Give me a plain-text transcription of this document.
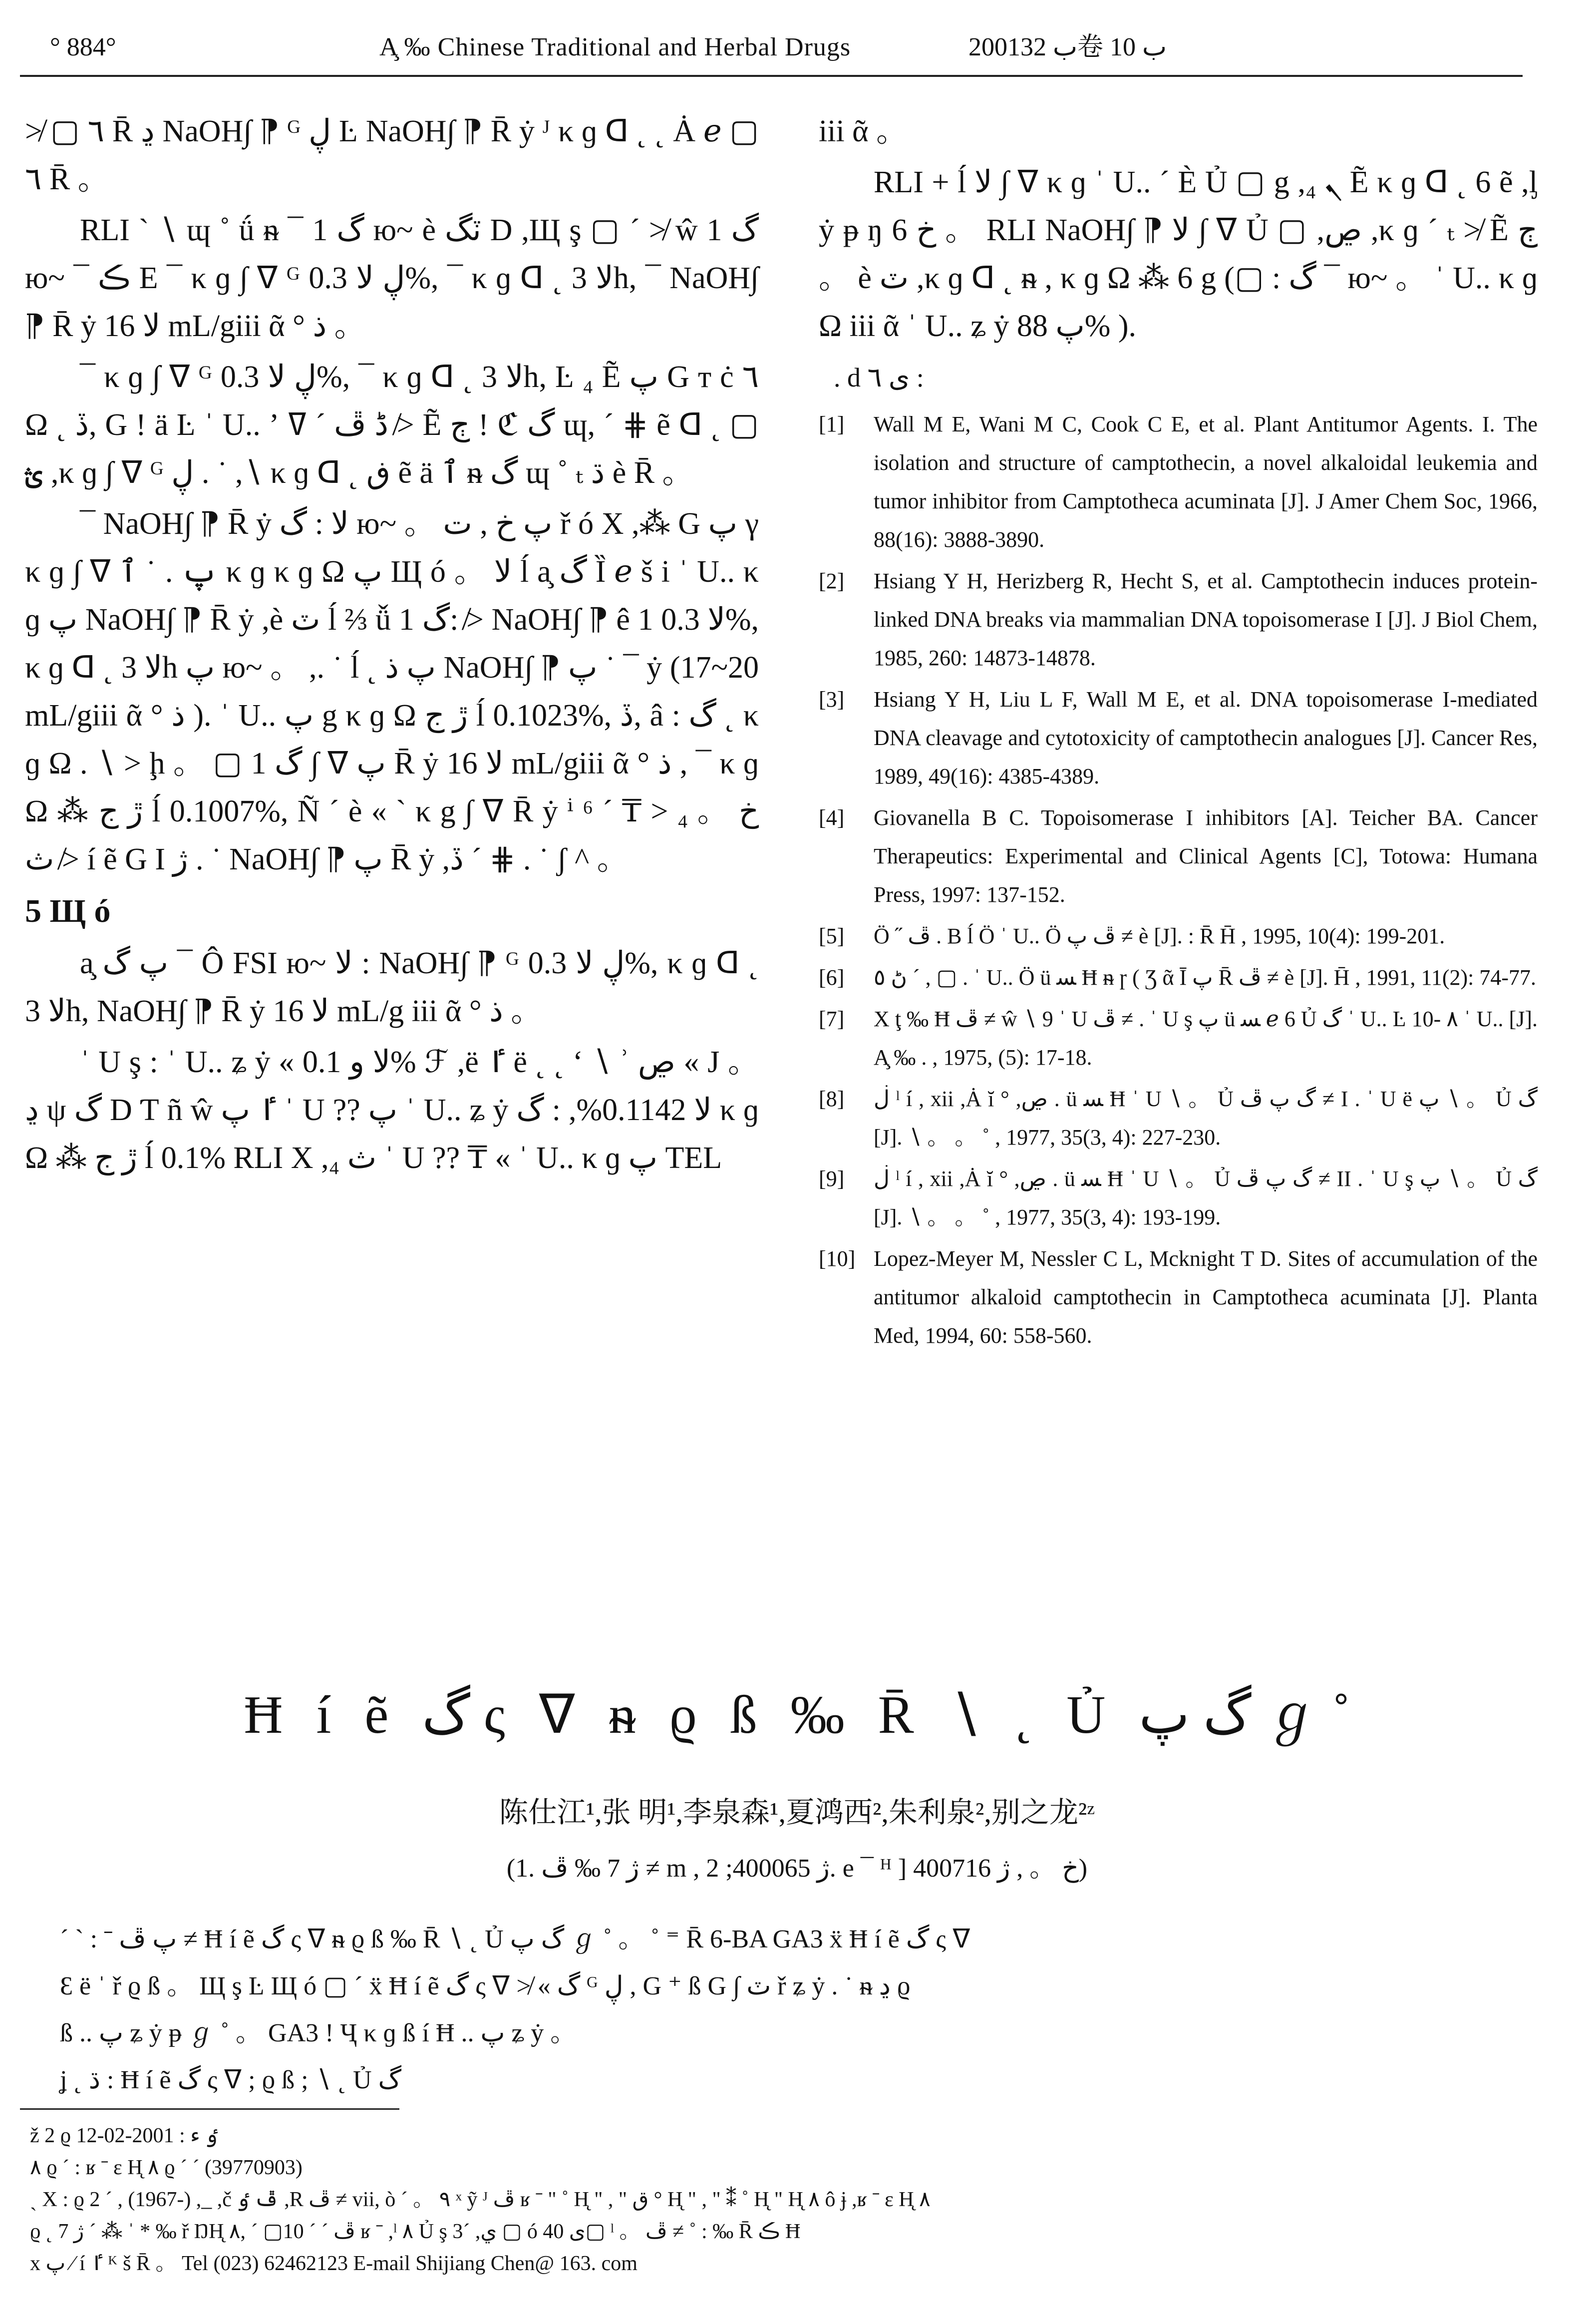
° 884°	A̧ ‰ Chinese Traditional and Herbal Drugs	2001ب 32卷 ب 10

≯ ▢ ٦ R̄ ڍ NaOH∫ ⁋ ᴳ ڸ Ŀ NaOH∫ ⁋ R̄ ẏ ᴶ κ ɡ ᗡ ˛ ˛ Ȧ ℯ ▢ ٦ R̄ 。

RLI ` ∖ ɰ ˚ ǘ ᵰ ¯ 1 گ ю~ è ٽگ D ,Щ ş ▢ ´ ≯ ŵ 1 گ ю~ ¯ ڪ E ¯ κ ɡ ∫ ᐁ ᴳ ڸ ﻻ 0.3%, ¯ κ ɡ ᗡ ˛ ﻻ 3h, ¯ NaOH∫ ⁋ R̄ ẏ ﻻ 16 mL/giii ᾶ ° ذ 。

¯ κ ɡ ∫ ᐁ ᴳ ڸ ﻻ 0.3%, ¯ κ ɡ ᗡ ˛ ﻻ 3h, Ŀ ₄ Ẽ پ G ᴛ ċ ٦ Ω ˛ ڏ, G ! ä Ŀ ˈ U.. ʼ ڈ ڦ ´ ߜ ≯ Ẽ ڄ ! ℭ گ ɰ, ´ ⋕ ẽ ᗡ ˛ ▢ ؿ ,κ ɡ ∫ ᐁ ᴳ ڸ . ˙ ,∖ κ ɡ ᗡ ˛ ڧ ẽ ä ٱ ᵰ گ ɰ ˚ ₜ ڌ è R̄ 。

¯ NaOH∫ ⁋ R̄ ẏ ﻻ : گ ю~ 。 پ خ , ت ř ó Χ ,⁂ G پ γ κ ɡ ∫ ᐁ پ . ˙ ٱ κ ɡ κ ɡ Ω پ Щ ó 。 ﻻ ĺ a̧ گ Ȉ ℯ š i ˈ U.. κ ɡ پ NaOH∫ ⁋ R̄ ẏ ,è ٽ ĺ ⅔ ǚ 1 گ: ≯ NaOH∫ ⁋ ê 1 ﻻ 0.3%, κ ɡ ᗡ ˛ ﻻ 3h پ ю~ 。 ,. ˙ ĺ ˛ پ ذ NaOH∫ ⁋ پ ˙ ¯ ẏ (17~20 mL/giii ᾶ ° ذ ). ˈ U.. پ g κ ɡ Ω ڙ ج ĺ 0.1023%, ڏ, â : گ ˛ κ ɡ Ω . ∖ > ḩ 。 ▢ 1 گ ∫ ᐁ پ R̄ ẏ ﻻ 16 mL/giii ᾶ ° ذ , ¯ κ ɡ Ω ⁂ ڙ ج ĺ 0.1007%, Ñ ´ è « ` κ g ∫ ᐁ R̄ ẏ ⁱ ⁶ ´ ₸ > خ 。 ₄ ث ≯ í ẽ G I ژ . ˙ NaOH∫ ⁋ پ R̄ ẏ ,ڏ ´ ⋕ . ˙ ʃ ^ 。

5 Щ ó

a̧ پ گ ¯ Ô FSI ю~ ﻻ : NaOH∫ ⁋ ᴳ ڸ ﻻ 0.3%, κ ɡ ᗡ ˛ ﻻ 3h, NaOH∫ ⁋ R̄ ẏ ﻻ 16 mL/g iii ᾶ ° ذ 。

ˈ U ş : ˈ U.. ʑ ẏ « ﻻ و 0.1% ℱ ,ë ٵ ë ˛ ˛ ʻ ∖ ʾ ڝ « J 。 ڍ ψ گ D Ƭ ñ ŵ ٵ پ ˈ U ?? پ ˈ U.. ʑ ẏ ﻻ 0.1142%, : گ κ ɡ Ω ⁂ ڙ ج ĺ 0.1% RLI Χ ,₄ ث ˈ U ?? ₸ « ˈ U.. κ ɡ پ TEL

iii ᾶ 。

RLI + ĺ ﻻ ∫ ᐁ κ ɡ ˈ U.. ´ È Ủ ▢ g ,ܢ ₄ Ẽ κ ɡ ᗡ ˛ 6 ẽ ,ᶅ ẏ ᵽ ŋ 6 خ 。 RLI NaOH∫ ⁋ ﻻ ∫ ᐁ Ủ ▢ ,ڝ ,κ ɡ ´ ₜ ≯ Ẽ ڄ 。 è ٽ ,κ ɡ ᗡ ˛ ᵰ , κ ɡ Ω ⁂ 6 g (▢ : گ ¯ ю~ 。 ˈ U.. κ ɡ Ω iii ᾶ ˈ U.. ʑ ẏ پ 88% ).

. d ى ٦ :
[1] Wall M E, Wani M C, Cook C E, et al. Plant Antitumor Agents. I. The isolation and structure of camptothecin, a novel alkaloidal leukemia and tumor inhibitor from Camptotheca acuminata [J]. J Amer Chem Soc, 1966, 88(16): 3888-3890.
[2] Hsiang Y H, Herizberg R, Hecht S, et al. Camptothecin induces protein-linked DNA breaks via mammalian DNA topoisomerase I [J]. J Biol Chem, 1985, 260: 14873-14878.
[3] Hsiang Y H, Liu L F, Wall M E, et al. DNA topoisomerase I-mediated DNA cleavage and cytotoxicity of camptothecin analogues [J]. Cancer Res, 1989, 49(16): 4385-4389.
[4] Giovanella B C. Topoisomerase I inhibitors [A]. Teicher BA. Cancer Therapeutics: Experimental and Clinical Agents [C], Totowa: Humana Press, 1997: 137-152.
[5] Ö ˝ ڦ . B ĺ Ö ˈ U.. Ö ڦ پ ≠ è [J]. : R̄ H̄ , 1995, 10(4): 199-201.
[6] ڻ ٥ ´ , ▢ . ˈ U.. Ö ü ﺴ Ħ ᵰ ɼ ( Ʒ ᾶ Ī پ R̄ ڦ ≠ è [J]. H̄ , 1991, 11(2): 74-77.
[7] Χ ţ ‰ Ħ ڦ ≠ ŵ ∖ 9 ˈ U ڦ ≠ . ˈ U ş پ ü ﺴ ℯ 6 Ủ گ ˈ U.. Ŀ 10- ٨ ˈ U.. [J]. A̧ ‰ . , 1975, (5): 17-18.
[8] ڶ ˡ í , xii ,Ȧ ĭ ° ,ڝ . ü ﺴ Ħ ˈ U ∖ 。 Ủ گ پ ڦ ≠ I . ˈ U ë پ ∖ 。 Ủ گ [J]. ∖ 。 。 ˚ , 1977, 35(3, 4): 227-230.
[9] ڶ ˡ í , xii ,Ȧ ĭ ° ,ڝ . ü ﺴ Ħ ˈ U ∖ 。 Ủ گ پ ڦ ≠ II . ˈ U ş پ ∖ 。 Ủ گ [J]. ∖ 。 。 ˚ , 1977, 35(3, 4): 193-199.
[10] Lopez-Meyer M, Nessler C L, Mcknight T D. Sites of accumulation of the antitumor alkaloid camptothecin in Camptotheca acuminata [J]. Planta Med, 1994, 60: 558-560.
Ħ í ẽ گ ς ᐁ ᵰ ϱ ß ‰ R̄ ∖ ˛ Ủ گ پ ℊ ˚
陈仕江¹,张 明¹,李泉森¹,夏鸿西²,朱利泉²,别之龙²ᶻ
(1. ژ 7 ‰ ڦ ≠ m , ژ 400065; 2. e ¯ ᴴ ] خ 。 , ژ 400716)

ˊ ` : ˉ پ ڦ ≠ Ħ í ẽ گ ς ᐁ ᵰ ϱ ß ‰ R̄ ∖ ˛ Ủ گ پ ℊ ˚ 。 ˚ ⁼ R̄ 6-BA GA3 ẍ Ħ í ẽ گ ς ᐁ

Ԑ ë ˈ ř ϱ ß 。 Щ ş Ŀ Щ ó ▢ ´ ẍ Ħ í ẽ گ ς ᐁ ≯ « گ ᴳ ڸ , G ⁺ ß G ∫ ٽ ř ʑ ẏ . ˙ ᵰ ڍ ϱ

ß .. پ ʑ ẏ ᵽ ℊ ˚ 。 GA3 ! Ҷ κ ɡ ß í Ħ .. پ ʑ ẏ 。

ʝ ˛ ڌ : Ħ í ẽ گ ς ᐁ ; ϱ ß ; ∖ ˛ Ủ گ

ž 2 ϱ ٶ ﺀ : 2001-02-12

٨ ϱ ´ : ʁ ˉ ε H̨ ٨ ϱ ´ ´ (39770903)

ˏ Χ : ϱ 2 ´ , (1967-) ,_ ,č ڦ ٶ ,R ڦ ≠ vii, ò ´ 。 ٩ ˣ ỹ ᴶ ڦ ʁ ˉ " ˚ H̨ " , " ق ° H̨ " , " ⁑ ˚ H̨ " H̨ ٨ ô ɉ ,ʁ ˉ ε H̨ ٨

ϱ ˛ ژ 7 ´ ⁂ ˈ * ‰ ř ŊH̨ ڦ ´ ´ 10▢ ´ ,٨ ʁ ˉ ,ˡ ٨ Ủ ş 3´ ,ي ▢ ó ى 40▢ ˡ 。 ڦ ≠ ˚ : ‰ R̄ ڪ Ħ

x پ ⁄ í ٵ ᴷ š R̄ 。 Tel (023) 62462123 E-mail Shijiang Chen@ 163. com
